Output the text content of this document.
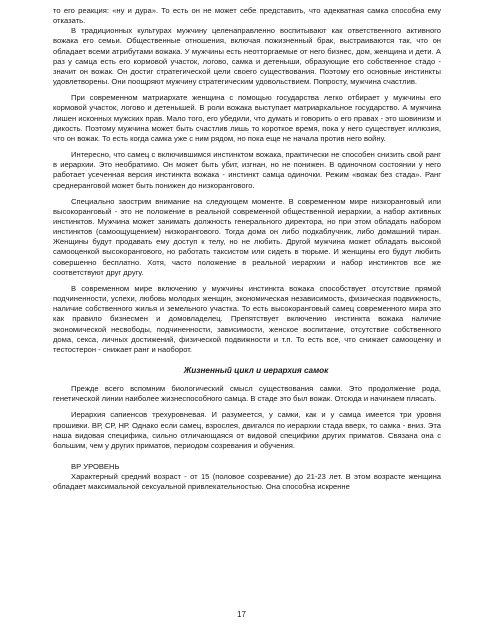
то его реакция: «ну и дура». То есть он не может себе представить, что адекватная самка способна ему отказать.

В традиционных культурах мужчину целенаправленно воспитывают как ответственного активного вожака его семьи. Общественные отношения, включая пожизненный брак, выстраиваются так, что он обладает всеми атрибутами вожака. У мужчины есть неотторгаемые от него бизнес, дом, женщина и дети. А раз у самца есть его кормовой участок, логово, самка и детеныши, образующие его собственное стадо - значит он вожак. Он достиг стратегической цели своего существования. Поэтому его основные инстинкты удовлетворены. Они поощряют мужчину стратегическим удовольствием. Попросту, мужчина счастлив.

При современном матриархате женщина с помощью государства легко отбирает у мужчины его кормовой участок, логово и детенышей. В роли вожака выступает матриархальное государство. А мужчина лишен исконных мужских прав. Мало того, его убедили, что думать и говорить о его правах - это шовинизм и дикость. Поэтому мужчина может быть счастлив лишь то короткое время, пока у него существует иллюзия, что он вожак. То есть когда самка уже с ним рядом, но пока еще не начала против него войну.

Интересно, что самец с включившимся инстинктом вожака, практически не способен снизить свой ранг в иерархии. Это необратимо. Он может быть убит, изгнан, но не понижен. В одиночном состоянии у него работает усеченная версия инстинкта вожака - инстинкт самца одиночки. Режим «вожак без стада». Ранг среднеранговой может быть понижен до низкорангового.

Специально заострим внимание на следующем моменте. В современном мире низкоранговый или высокоранговый - это не положение в реальной современной общественной иерархии, а набор активных инстинктов. Мужчина может занимать должность генерального директора, но при этом обладать набором инстинктов (самоощущением) низкорангового. Тогда дома он либо подкаблучник, либо домашний тиран. Женщины будут продавать ему доступ к телу, но не любить. Другой мужчина может обладать высокой самооценкой высокорангового, но работать таксистом или сидеть в тюрьме. И женщины его будут любить совершенно бесплатно. Хотя, часто положение в реальной иерархии и набор инстинктов все же соответствуют друг другу.

В современном мире включению у мужчины инстинкта вожака способствует отсутствие прямой подчиненности, успехи, любовь молодых женщин, экономическая независимость, физическая подвижность, наличие собственного жилья и земельного участка. То есть высокоранговый самец современного мира это как правило бизнесмен и домовладелец. Препятствует включению инстинкта вожака наличие экономической несвободы, подчиненности, зависимости, женское воспитание, отсутствие собственного дома, секса, личных достижений, физической подвижности и т.п. То есть все, что снижает самооценку и тестостерон - снижает ранг и наоборот.

Жизненный цикл и иерархия самок

Прежде всего вспомним биологический смысл существования самки. Это продолжение рода, генетической линии наиболее жизнеспособного самца. В стаде это был вожак. Отсюда и начинаем плясать.

Иерархия сапиенсов трехуровневая. И разумеется, у самки, как и у самца имеется три уровня прошивки. ВР, СР, НР. Однако если самец, взрослея, двигался по иерархии стада вверх, то самка - вниз. Эта наша видовая специфика, сильно отличающаяся от видовой специфики других приматов. Связана она с большим, чем у других приматов, периодом созревания и обучения.

ВР УРОВЕНЬ

Характерный средний возраст - от 15 (половое созревание) до 21-23 лет. В этом возрасте женщина обладает максимальной сексуальной привлекательностью. Она способна искренне

17
